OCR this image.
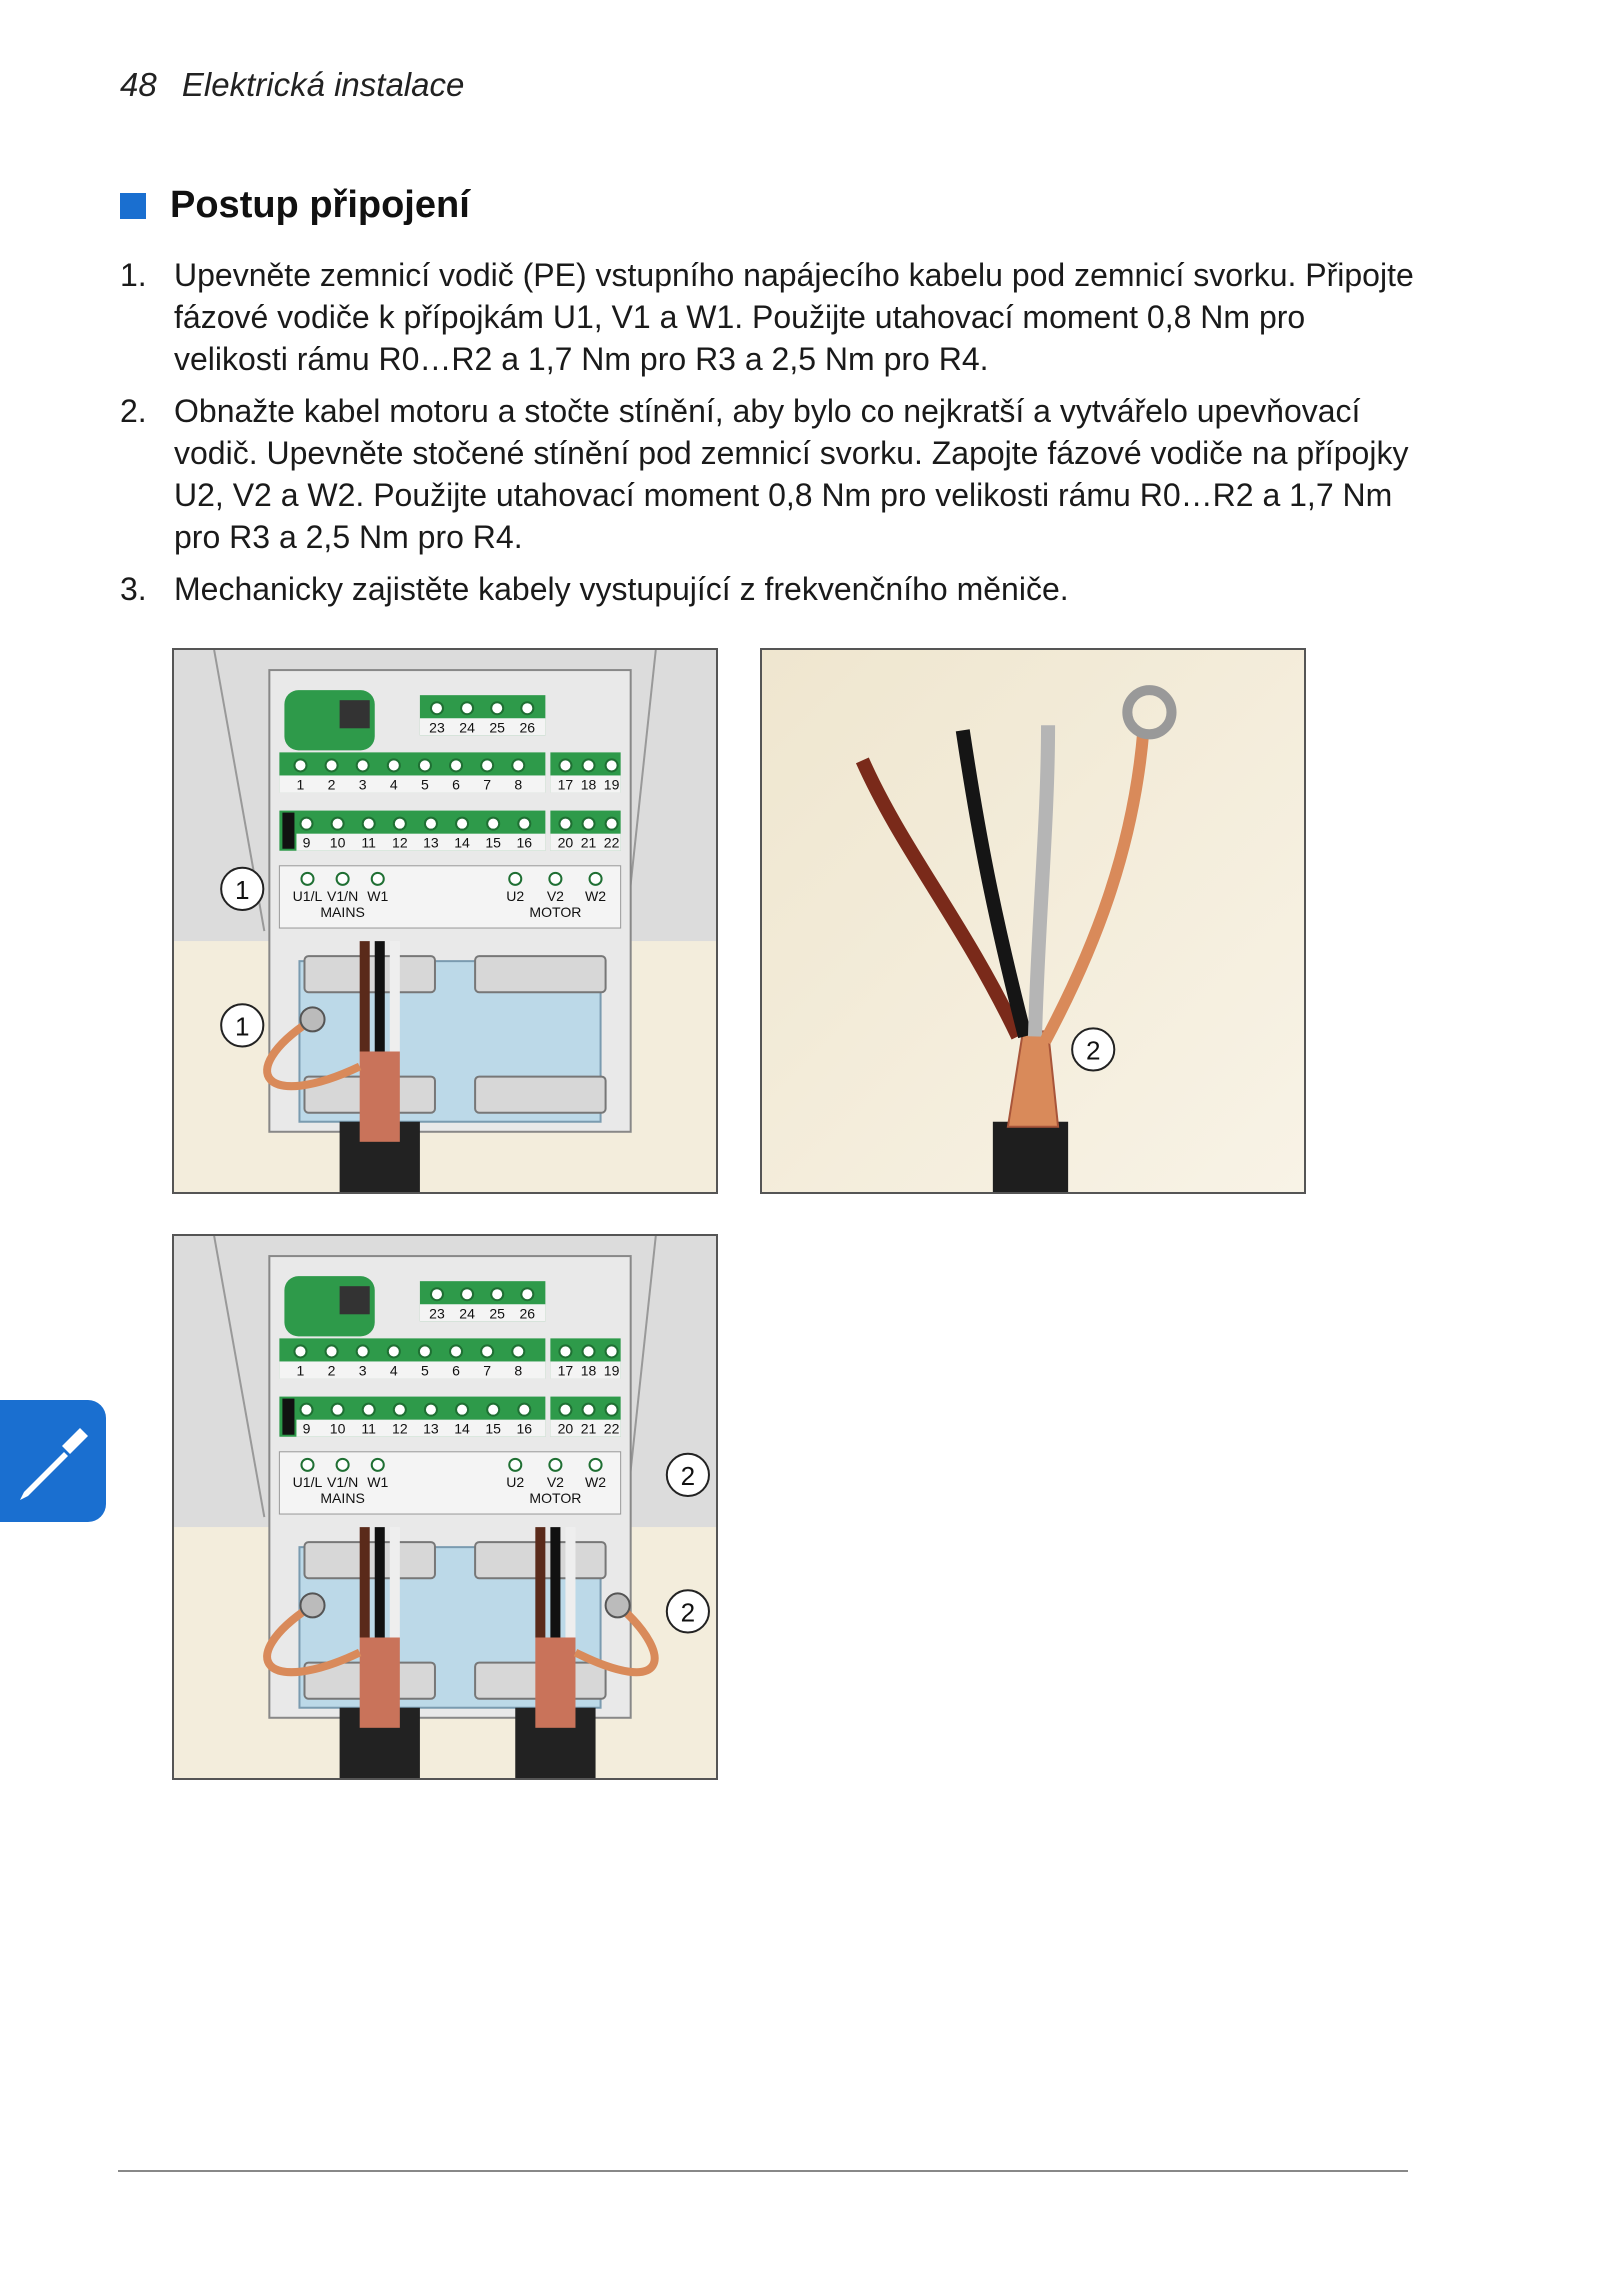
48 Elektrická instalace
Postup připojení
1. Upevněte zemnicí vodič (PE) vstupního napájecího kabelu pod zemnicí svorku. Připojte fázové vodiče k přípojkám U1, V1 a W1. Použijte utahovací moment 0,8 Nm pro velikosti rámu R0…R2 a 1,7 Nm pro R3 a 2,5 Nm pro R4.
2. Obnažte kabel motoru a stočte stínění, aby bylo co nejkratší a vytvářelo upevňovací vodič. Upevněte stočené stínění pod zemnicí svorku. Zapojte fázové vodiče na přípojky U2, V2 a W2. Použijte utahovací moment 0,8 Nm pro velikosti rámu R0…R2 a 1,7 Nm pro R3 a 2,5 Nm pro R4.
3. Mechanicky zajistěte kabely vystupující z frekvenčního měniče.
23 24 25 26
1 2 3 4 5 6 7 8	17 18 19
9 10 11 12 13 14 15 16 20 21 22
U1/L V1/N W1	U2 V2 W2
MAINS	MOTOR
1
1
2
23 24 25 26
1 2 3 4 5 6 7 8	17 18 19
9 10 11 12 13 14 15 16 20 21 22
U1/L V1/N W1	U2 V2 W2
MAINS	MOTOR
2
2
